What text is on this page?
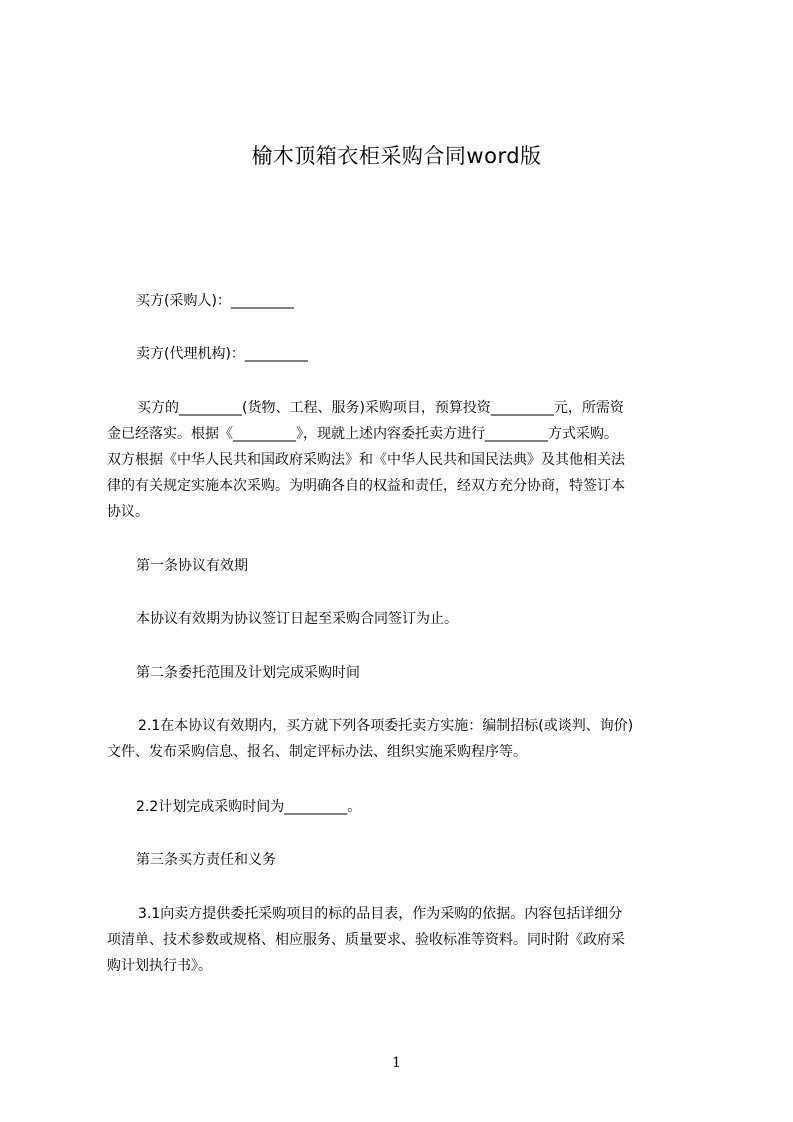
榆木顶箱衣柜采购合同word版
买方(采购人)：_________
卖方(代理机构)：_________
买方的_________(货物、工程、服务)采购项目，预算投资_________元，所需资
金已经落实。根据《_________》，现就上述内容委托卖方进行_________方式采购。
双方根据《中华人民共和国政府采购法》和《中华人民共和国民法典》及其他相关法
律的有关规定实施本次采购。为明确各自的权益和责任，经双方充分协商，特签订本
协议。
第一条协议有效期
本协议有效期为协议签订日起至采购合同签订为止。
第二条委托范围及计划完成采购时间
2.1在本协议有效期内，买方就下列各项委托卖方实施：编制招标(或谈判、询价)
文件、发布采购信息、报名、制定评标办法、组织实施采购程序等。
2.2计划完成采购时间为_________。
第三条买方责任和义务
3.1向卖方提供委托采购项目的标的品目表，作为采购的依据。内容包括详细分
项清单、技术参数或规格、相应服务、质量要求、验收标准等资料。同时附《政府采
购计划执行书》。
1
